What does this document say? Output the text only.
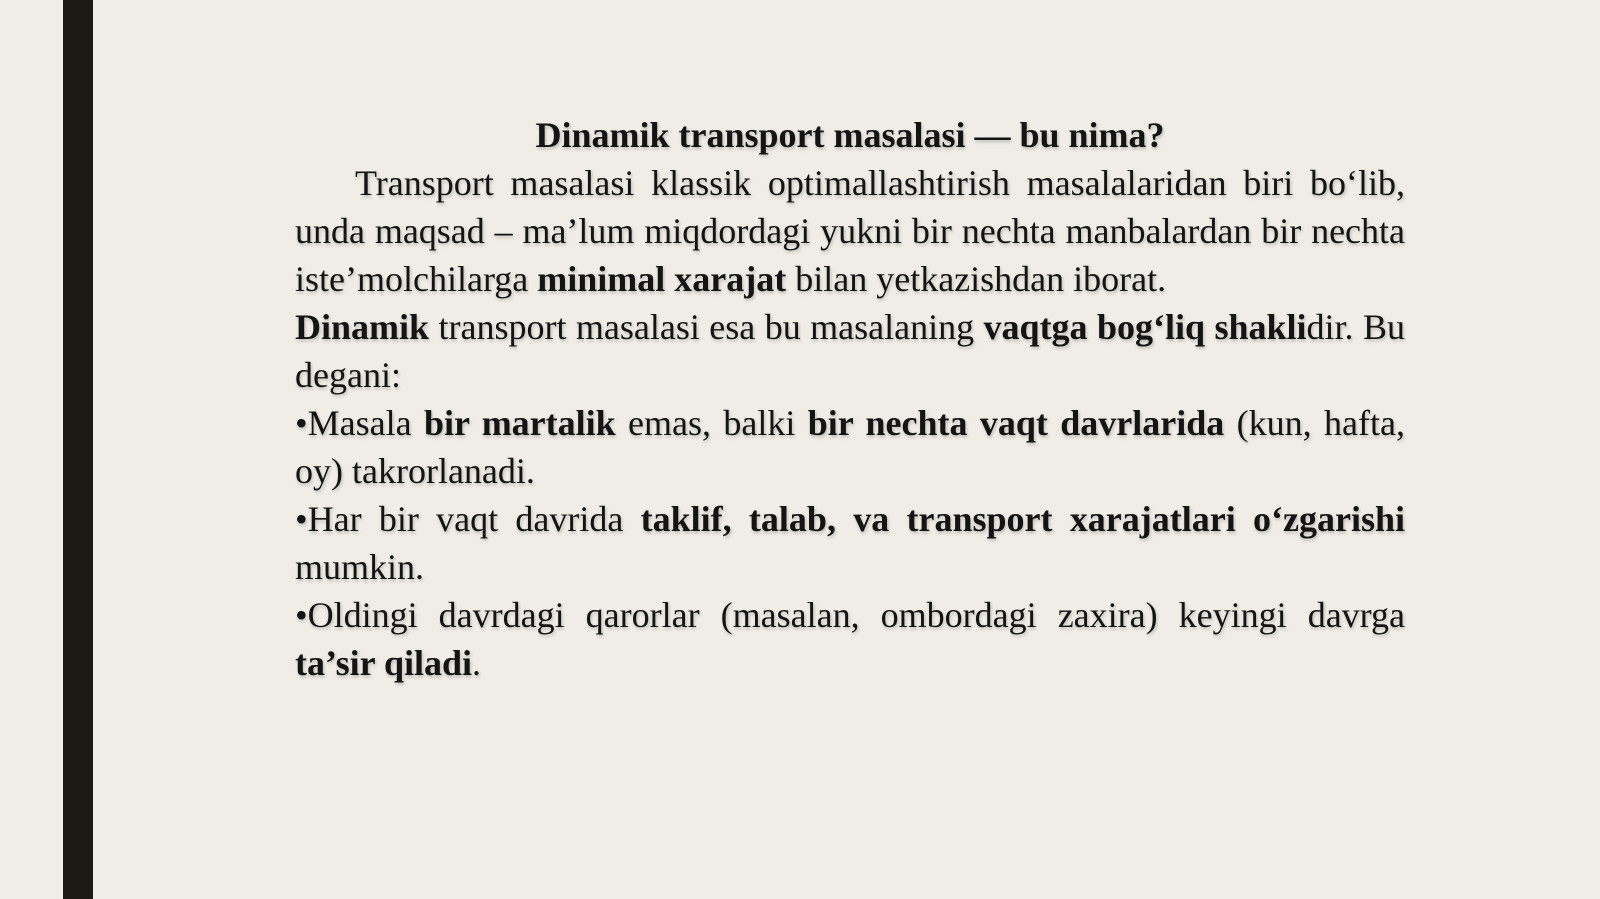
Dinamik transport masalasi — bu nima?

Transport masalasi klassik optimallashtirish masalalaridan biri bo‘lib, unda maqsad – ma’lum miqdordagi yukni bir nechta manbalardan bir nechta iste’molchilarga minimal xarajat bilan yetkazishdan iborat.

Dinamik transport masalasi esa bu masalaning vaqtga bog‘liq shaklidir. Bu degani:

•Masala bir martalik emas, balki bir nechta vaqt davrlarida (kun, hafta, oy) takrorlanadi.

•Har bir vaqt davrida taklif, talab, va transport xarajatlari o‘zgarishi mumkin.

•Oldingi davrdagi qarorlar (masalan, ombordagi zaxira) keyingi davrga ta’sir qiladi.
